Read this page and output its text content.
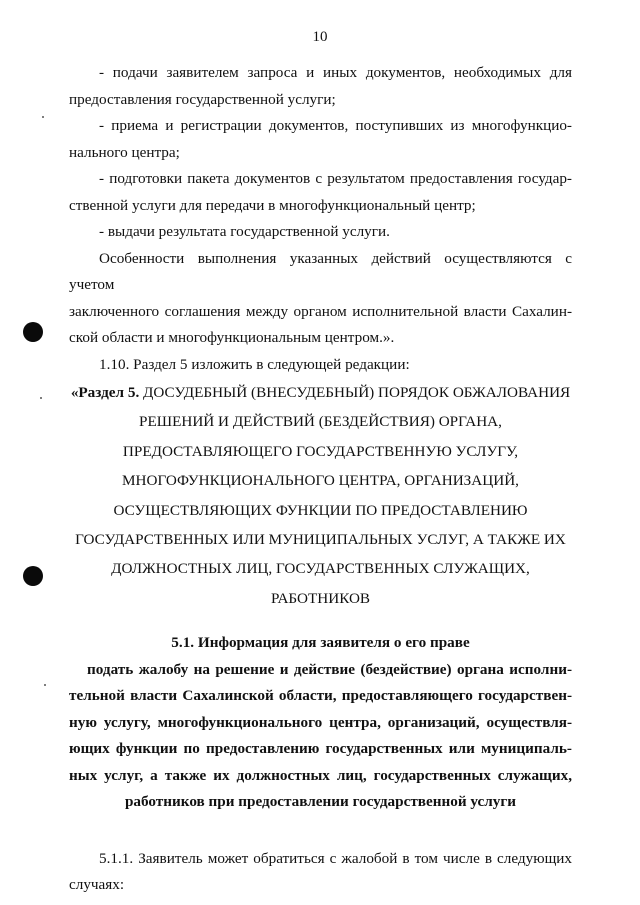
10

- подачи заявителем запроса и иных документов, необходимых для

предоставления государственной услуги;

- приема и регистрации документов, поступивших из многофункцио-

нального центра;

- подготовки пакета документов с результатом предоставления государ-

ственной услуги для передачи в многофункциональный центр;

- выдачи результата государственной услуги.

Особенности выполнения указанных действий осуществляются с учетом

заключенного соглашения между органом исполнительной власти Сахалин-

ской области и многофункциональным центром.».

1.10. Раздел 5 изложить в следующей редакции:

«Раздел 5. ДОСУДЕБНЫЙ (ВНЕСУДЕБНЫЙ) ПОРЯДОК ОБЖАЛОВАНИЯ

РЕШЕНИЙ И ДЕЙСТВИЙ (БЕЗДЕЙСТВИЯ) ОРГАНА,

ПРЕДОСТАВЛЯЮЩЕГО ГОСУДАРСТВЕННУЮ УСЛУГУ,

МНОГОФУНКЦИОНАЛЬНОГО ЦЕНТРА, ОРГАНИЗАЦИЙ,

ОСУЩЕСТВЛЯЮЩИХ ФУНКЦИИ ПО ПРЕДОСТАВЛЕНИЮ

ГОСУДАРСТВЕННЫХ ИЛИ МУНИЦИПАЛЬНЫХ УСЛУГ, А ТАКЖЕ ИХ

ДОЛЖНОСТНЫХ ЛИЦ, ГОСУДАРСТВЕННЫХ СЛУЖАЩИХ,

РАБОТНИКОВ

5.1. Информация для заявителя о его праве

подать жалобу на решение и действие (бездействие) органа исполни-

тельной власти Сахалинской области, предоставляющего государствен-

ную услугу, многофункционального центра, организаций, осуществля-

ющих функции по предоставлению государственных или муниципаль-

ных услуг, а также их должностных лиц, государственных служащих,

работников при предоставлении государственной услуги

5.1.1. Заявитель может обратиться с жалобой в том числе в следующих

случаях:
